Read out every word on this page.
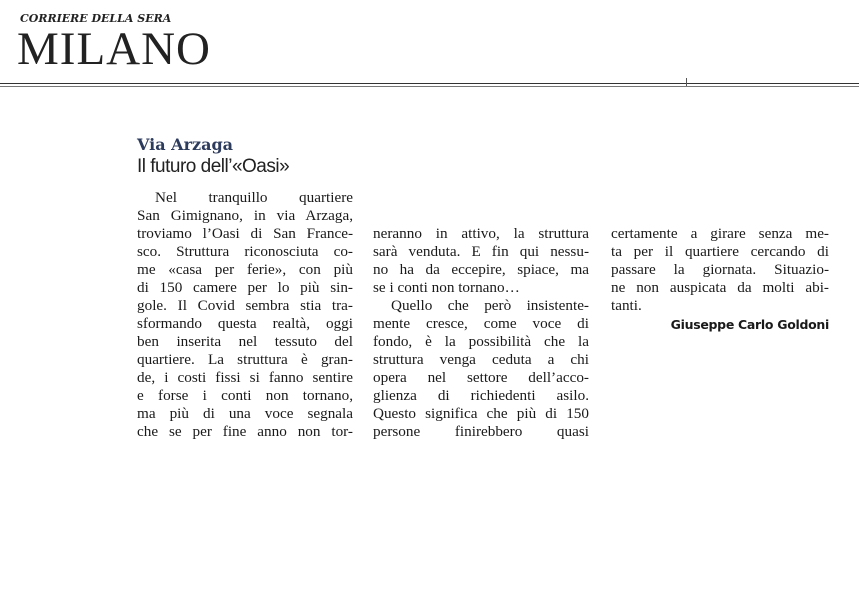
CORRIERE DELLA SERA
MILANO
Via Arzaga
Il futuro dell’«Oasi»
Nel tranquillo quartiere
San Gimignano, in via Arzaga,
troviamo l’Oasi di San France-
sco. Struttura riconosciuta co-
me «casa per ferie», con più
di 150 camere per lo più sin-
gole. Il Covid sembra stia tra-
sformando questa realtà, oggi
ben inserita nel tessuto del
quartiere. La struttura è gran-
de, i costi fissi si fanno sentire
e forse i conti non tornano,
ma più di una voce segnala
che se per fine anno non tor-
neranno in attivo, la struttura
sarà venduta. E fin qui nessu-
no ha da eccepire, spiace, ma
se i conti non tornano…
Quello che però insistente-
mente cresce, come voce di
fondo, è la possibilità che la
struttura venga ceduta a chi
opera nel settore dell’acco-
glienza di richiedenti asilo.
Questo significa che più di 150
persone finirebbero quasi
certamente a girare senza me-
ta per il quartiere cercando di
passare la giornata. Situazio-
ne non auspicata da molti abi-
tanti.
Giuseppe Carlo Goldoni
